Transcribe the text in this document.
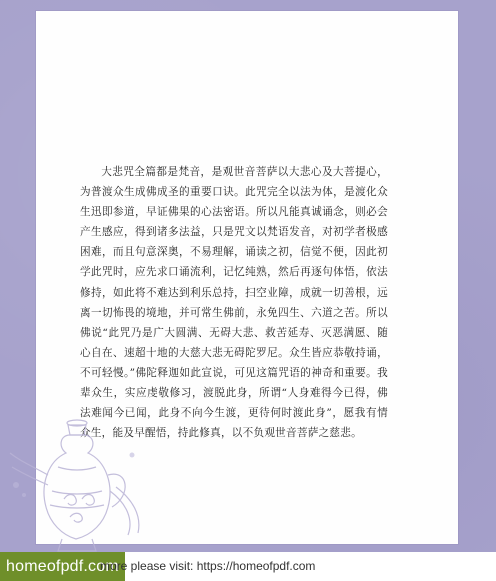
大悲咒全篇都是梵音，是观世音菩萨以大悲心及大菩提心，为普渡众生成佛成圣的重要口诀。此咒完全以法为体，是渡化众生迅即参道，早证佛果的心法密语。所以凡能真诚诵念，则必会产生感应，得到诸多法益，只是咒文以梵语发音，对初学者极感困难，而且句意深奥，不易理解，诵读之初，信觉不便，因此初学此咒时，应先求口诵流利，记忆纯熟，然后再逐句体悟，依法修持，如此将不难达到利乐总持，扫空业障，成就一切善根，远离一切怖畏的境地，并可常生佛前，永免四生、六道之苦。所以佛说“此咒乃是广大圆满、无碍大悲、救苦延寿、灭恶满愿、随心自在、速超十地的大慈大悲无碍陀罗尼。众生皆应恭敬持诵，不可轻慢。”佛陀释迦如此宣说，可见这篇咒语的神奇和重要。我辈众生，实应虔敬修习，渡脱此身，所谓“人身难得今已得，佛法难闻今已闻，此身不向今生渡，更待何时渡此身”，愿我有情众生，能及早醒悟，持此修真，以不负观世音菩萨之慈悲。

homeofpdf.com
more please visit: https://homeofpdf.com
